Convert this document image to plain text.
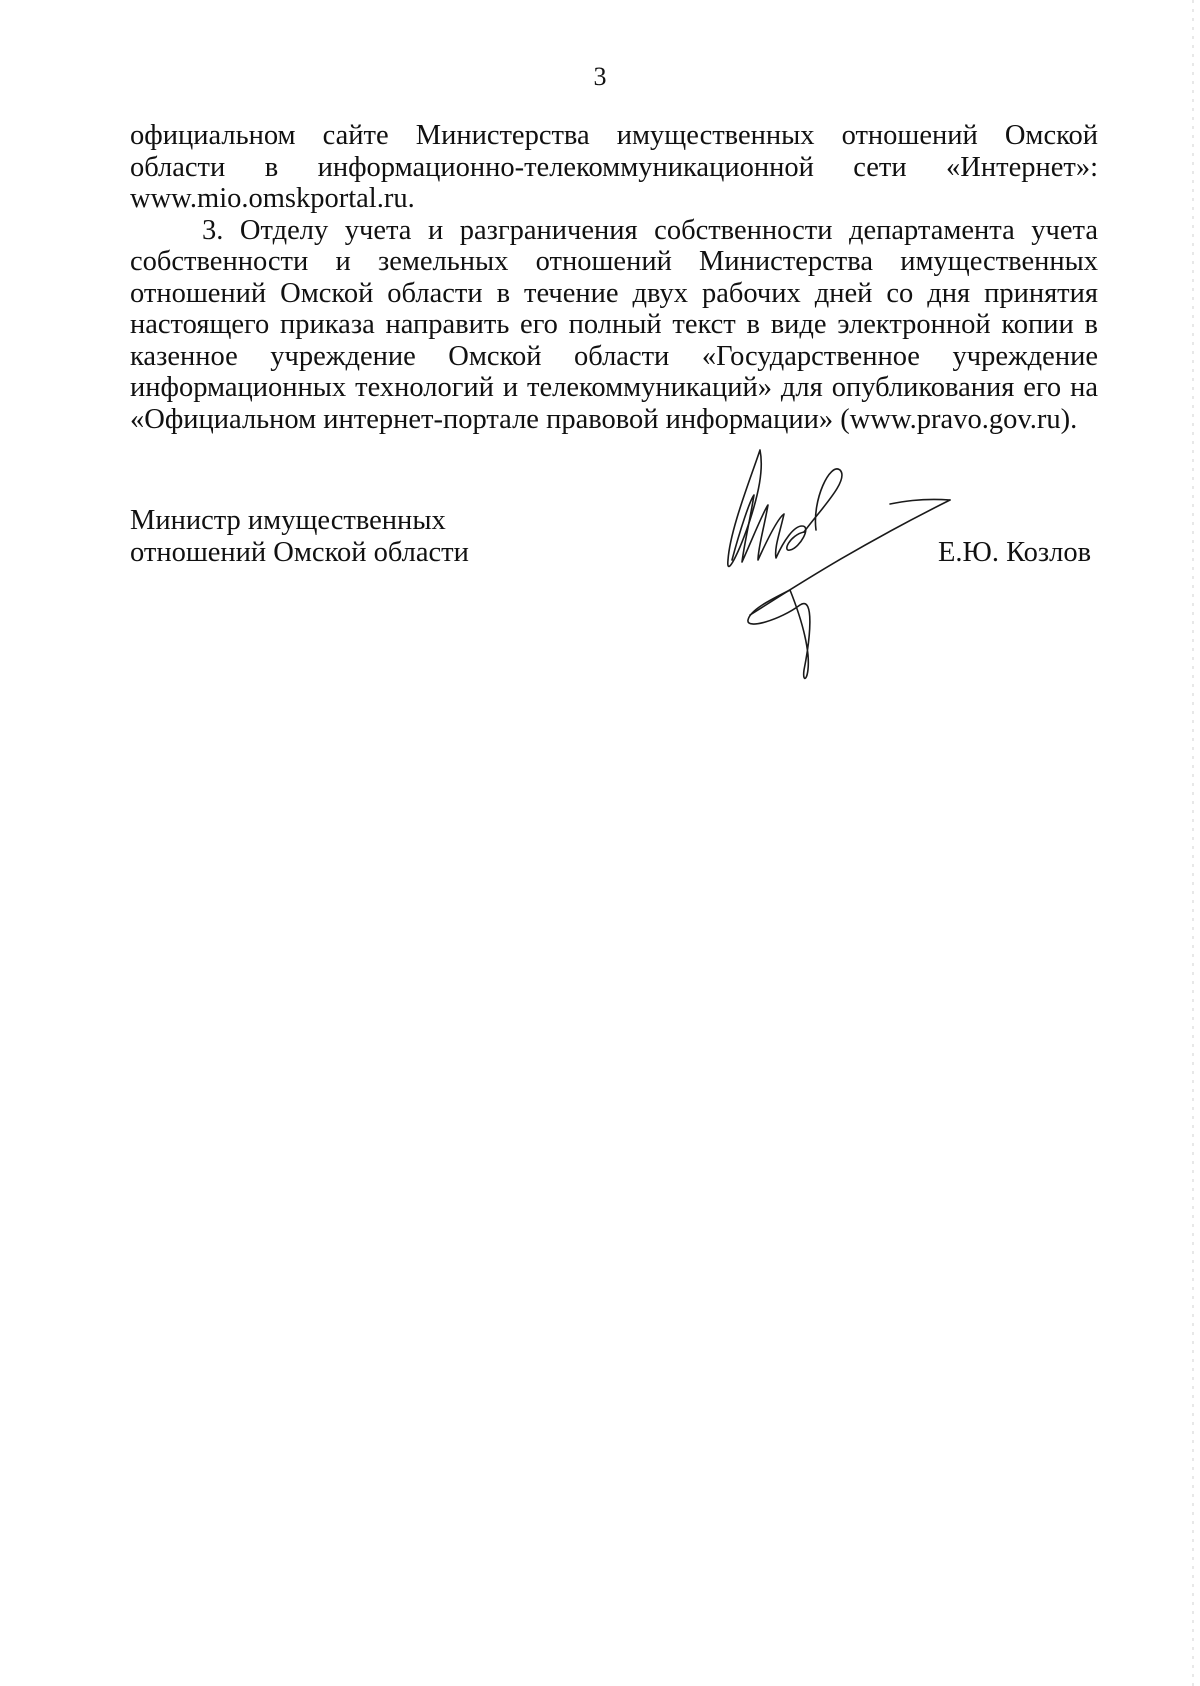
3

официальном сайте Министерства имущественных отношений Омской области в информационно-телекоммуникационной сети «Интернет»: www.mio.omskportal.ru.

3. Отделу учета и разграничения собственности департамента учета собственности и земельных отношений Министерства имущественных отношений Омской области в течение двух рабочих дней со дня принятия настоящего приказа направить его полный текст в виде электронной копии в казенное учреждение Омской области «Государственное учреждение информационных технологий и телекоммуникаций» для опубликования его на «Официальном интернет-портале правовой информации» (www.pravo.gov.ru).

Министр имущественных
отношений Омской области	Е.Ю. Козлов
